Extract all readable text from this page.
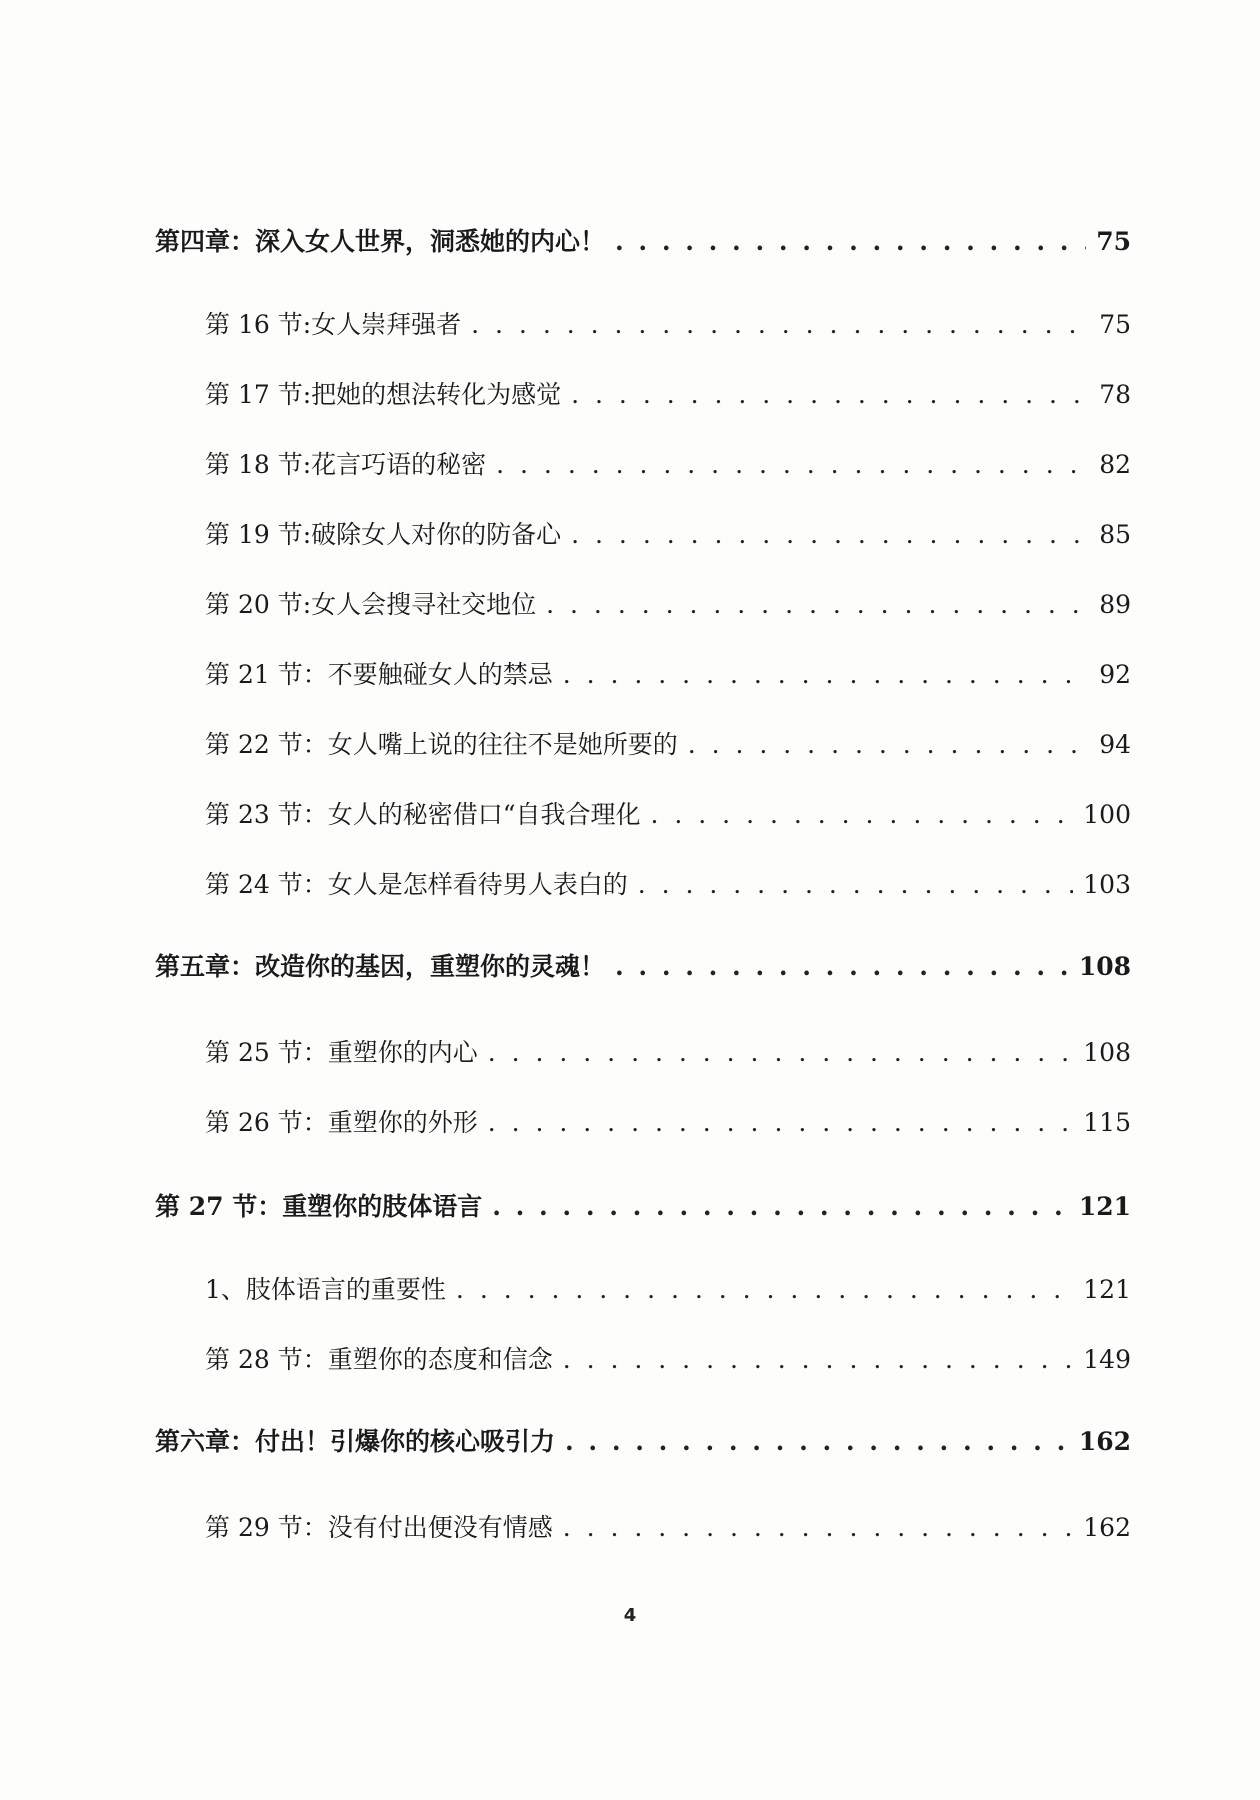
第四章：深入女人世界，洞悉她的内心！ . . .	75
第 16 节:女人崇拜强者 . . .	75
第 17 节:把她的想法转化为感觉 . . .	78
第 18 节:花言巧语的秘密 . . .	82
第 19 节:破除女人对你的防备心 . . .	85
第 20 节:女人会搜寻社交地位 . . .	89
第 21 节：不要触碰女人的禁忌 . . .	92
第 22 节：女人嘴上说的往往不是她所要的 . . .	94
第 23 节：女人的秘密借口“自我合理化 . . .	100
第 24 节：女人是怎样看待男人表白的 . . .	103
第五章：改造你的基因，重塑你的灵魂！ . . .	108
第 25 节：重塑你的内心 . . .	108
第 26 节：重塑你的外形 . . .	115
第 27 节：重塑你的肢体语言 . . .	121
1、肢体语言的重要性 . . .	121
第 28 节：重塑你的态度和信念 . . .	149
第六章：付出！引爆你的核心吸引力 . . .	162
第 29 节：没有付出便没有情感 . . .	162
4
